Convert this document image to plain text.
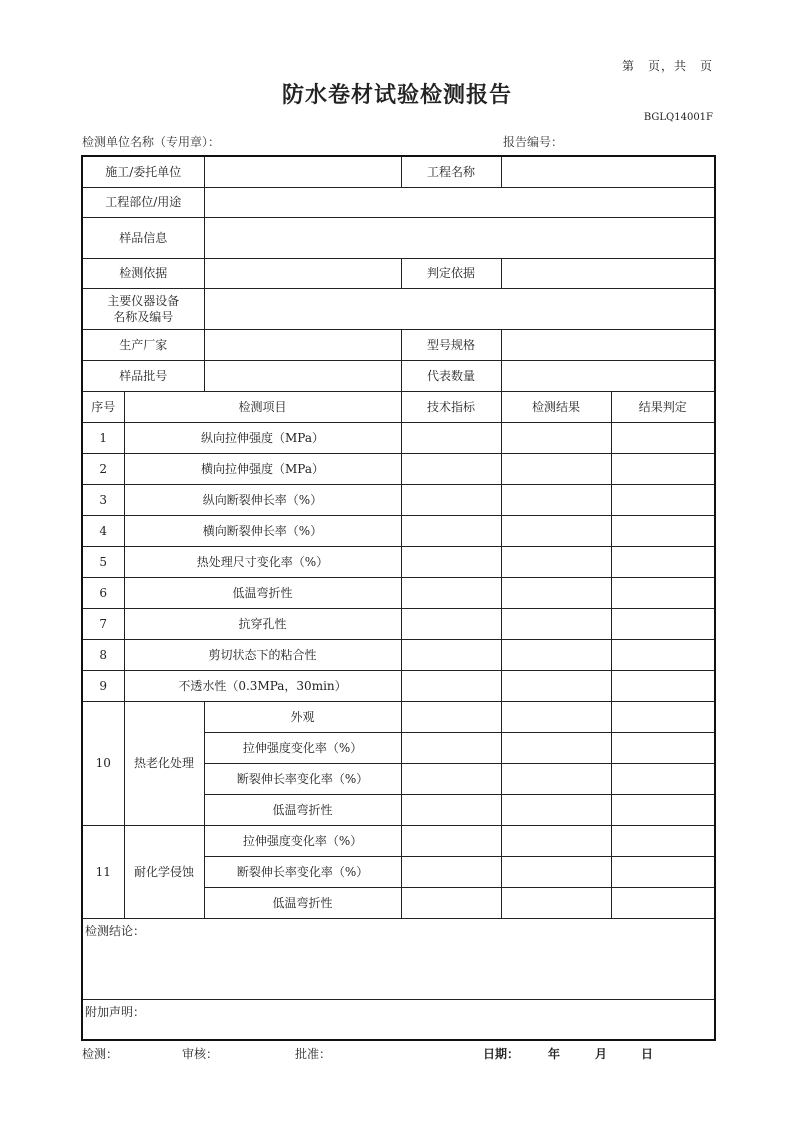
第　页，共　页
防水卷材试验检测报告
BGLQ14001F
检测单位名称（专用章）：	报告编号：
施工/委托单位			工程名称		
工程部位/用途					
样品信息					
检测依据			判定依据		

主要仪器设备
名称及编号					

生产厂家			型号规格		
样品批号			代表数量		
序号	检测项目		技术指标	检测结果	结果判定
1	纵向拉伸强度（MPa）				
2	横向拉伸强度（MPa）				
3	纵向断裂伸长率（%）				
4	横向断裂伸长率（%）				
5	热处理尺寸变化率（%）				
6	低温弯折性				
7	抗穿孔性				
8	剪切状态下的粘合性				
9	不透水性（0.3MPa，30min）				
10	热老化处理	外观			
		拉伸强度变化率（%）			
		断裂伸长率变化率（%）			
		低温弯折性			
11	耐化学侵蚀	拉伸强度变化率（%）			
		断裂伸长率变化率（%）			
		低温弯折性			
检测结论：					
附加声明：					
检测：	审核：	批准：	日期： 年	月	日
